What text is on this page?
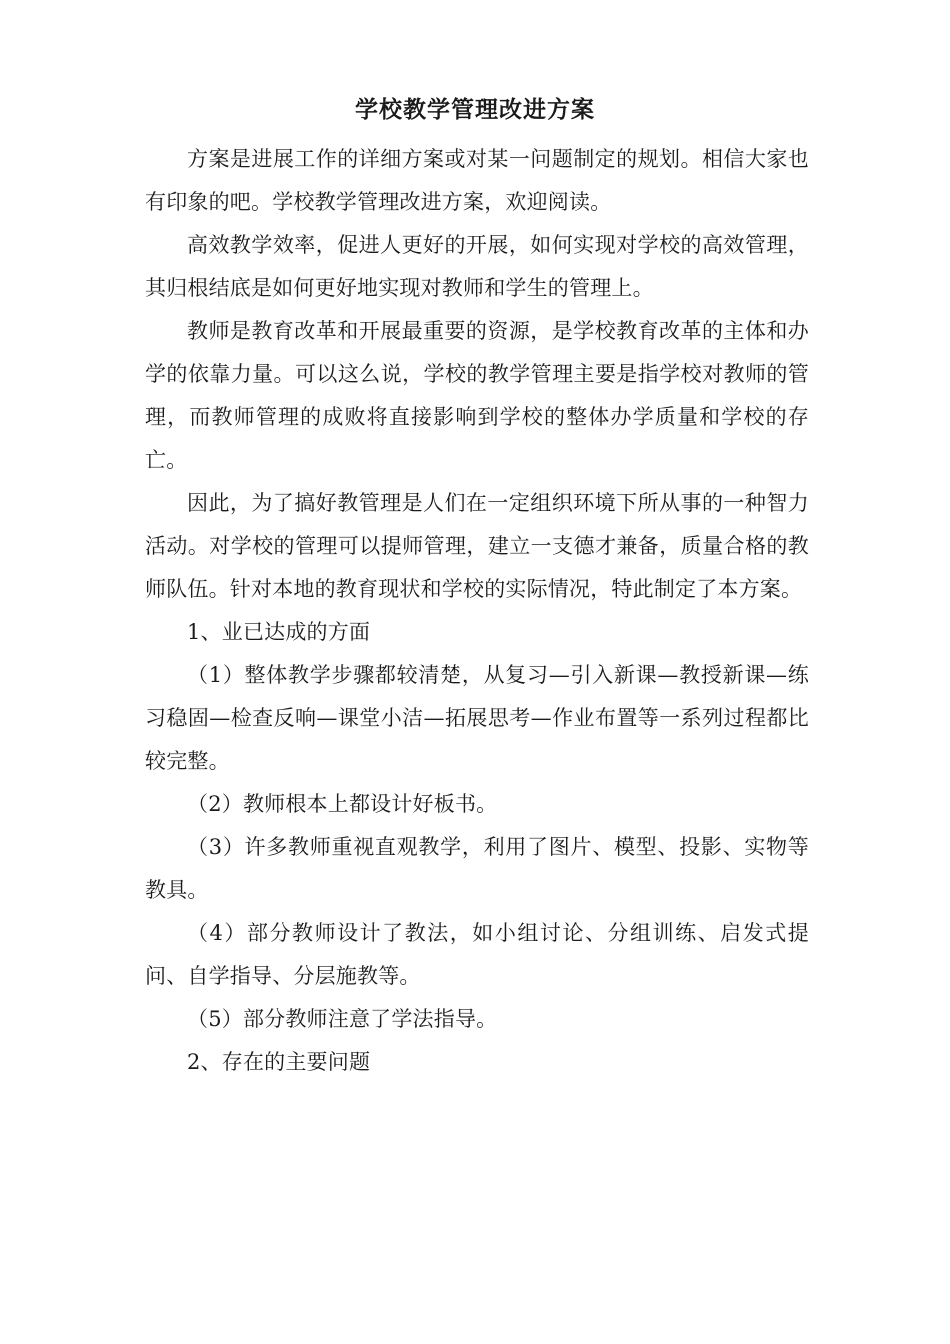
学校教学管理改进方案

方案是进展工作的详细方案或对某一问题制定的规划。相信大家也有印象的吧。学校教学管理改进方案，欢迎阅读。

高效教学效率，促进人更好的开展，如何实现对学校的高效管理，其归根结底是如何更好地实现对教师和学生的管理上。

教师是教育改革和开展最重要的资源，是学校教育改革的主体和办学的依靠力量。可以这么说，学校的教学管理主要是指学校对教师的管理，而教师管理的成败将直接影响到学校的整体办学质量和学校的存亡。

因此，为了搞好教管理是人们在一定组织环境下所从事的一种智力活动。对学校的管理可以提师管理，建立一支德才兼备，质量合格的教师队伍。针对本地的教育现状和学校的实际情况，特此制定了本方案。

1、业已达成的方面

（1）整体教学步骤都较清楚，从复习—引入新课—教授新课—练习稳固—检查反响—课堂小洁—拓展思考—作业布置等一系列过程都比较完整。

（2）教师根本上都设计好板书。

（3）许多教师重视直观教学，利用了图片、模型、投影、实物等教具。

（4）部分教师设计了教法，如小组讨论、分组训练、启发式提问、自学指导、分层施教等。

（5）部分教师注意了学法指导。

2、存在的主要问题
